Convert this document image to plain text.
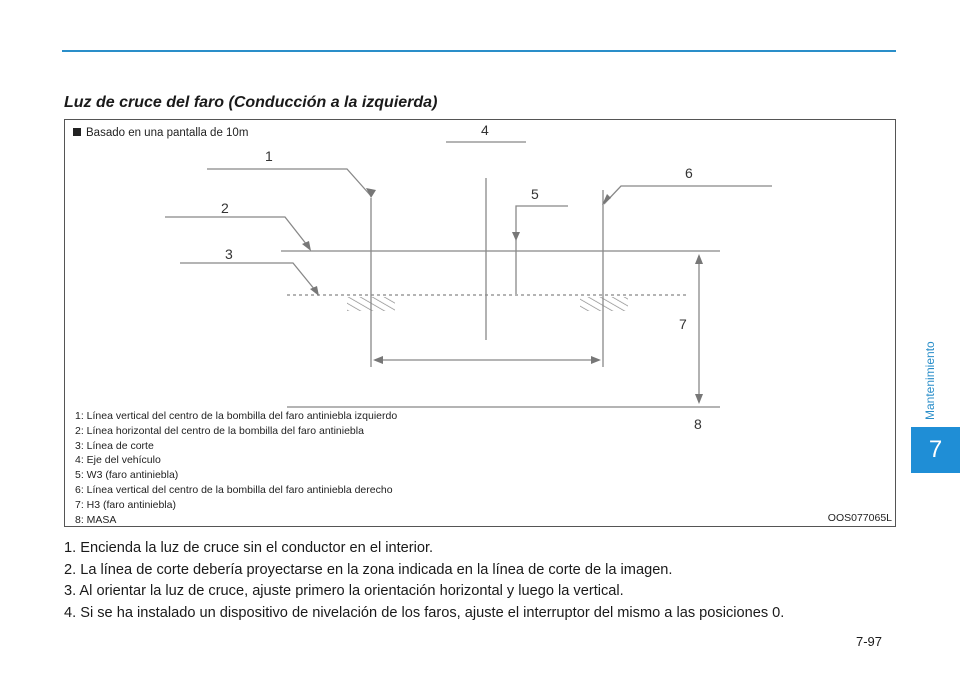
Luz de cruce del faro (Conducción a la izquierda)
Basado en una pantalla de 10m
1
2
3
4
5
6
7
8
1: Línea vertical del centro de la bombilla del faro antiniebla izquierdo
2: Línea horizontal del centro de la bombilla del faro antiniebla
3: Línea de corte
4: Eje del vehículo
5: W3 (faro antiniebla)
6: Línea vertical del centro de la bombilla del faro antiniebla derecho
7: H3 (faro antiniebla)
8: MASA	OOS077065L
1. Encienda la luz de cruce sin el conductor en el interior.
2. La línea de corte debería proyectarse en la zona indicada en la línea de corte de la imagen.
3. Al orientar la luz de cruce, ajuste primero la orientación horizontal y luego la vertical.
4. Si se ha instalado un dispositivo de nivelación de los faros, ajuste el interruptor del mismo a las posiciones 0.
7-97
Mantenimiento
7
